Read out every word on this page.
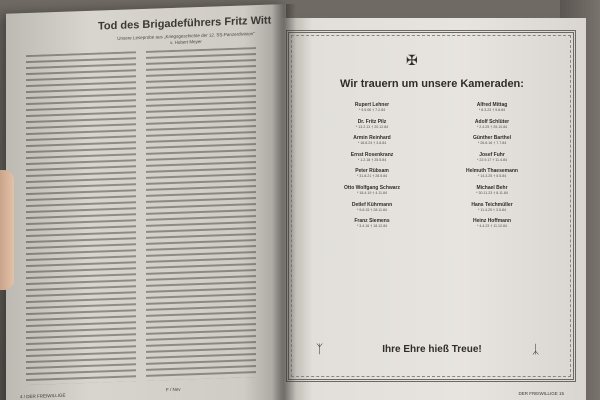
Tod des Brigadeführers Fritz Witt
Unsere Leseprobe aus „Kriegsgeschichte der 12. SS-Panzerdivision" v. Hubert Meyer
4 / DER FREIWILLIGE
F / Nov
✠
Wir trauern um unsere Kameraden:
Rupert Lehner
* 9.5.06 † 7.2.84
Dr. Fritz Pilz
* 13.2.13 † 20.12.84
Armin Reinhard
* 18.8.24 † 3.8.84
Ernst Rosenkranz
* 1.2.18 † 25.5.84
Peter Rübsam
* 31.8.21 † 28.5.84
Otto Wolfgang Schwarz
* 18.4.19 † 4.11.84
Detlef Kührmann
* 5.6.15 † 28.11.84
Franz Siemens
* 3.4.16 † 18.12.84
Alfred Mittag
* 8.3.23 † 9.8.84
Adolf Schlüter
* 2.4.25 † 25.10.84
Günther Barthel
* 26.6.16 † 7.7.84
Josef Fuhr
* 22.9.17 † 11.4.84
Helmuth Thaesemann
* 14.3.25 † 5.5.84
Michael Behr
* 30.11.23 † 8.11.84
Hans Teichmüller
* 11.4.25 † 3.5.84
Heinz Hoffmann
* 4.4.23 † 11.12.84
ᛉ	Ihre Ehre hieß Treue!	ᛣ
DER FREIWILLIGE 15
